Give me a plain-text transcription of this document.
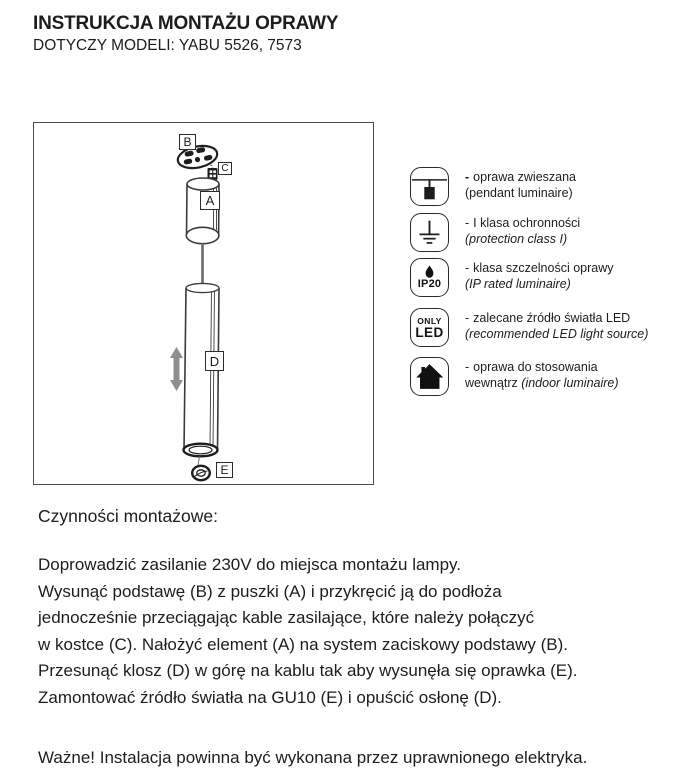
INSTRUKCJA MONTAŻU OPRAWY
DOTYCZY MODELI: YABU 5526, 7573
B
C
A
D
E
- oprawa zwieszana
(pendant luminaire)
- I klasa ochronności
(protection class I)
IP20
- klasa szczelności oprawy
(IP rated luminaire)
ONLY
LED
- zalecane źródło światła LED
(recommended LED light source)
- oprawa do stosowania
wewnątrz (indoor luminaire)
Czynności montażowe:
Doprowadzić zasilanie 230V do miejsca montażu lampy.
Wysunąć podstawę (B) z puszki (A) i przykręcić ją do podłoża
jednocześnie przeciągając kable zasilające, które należy połączyć
w kostce (C). Nałożyć element (A) na system zaciskowy podstawy (B).
Przesunąć klosz (D) w górę na kablu tak aby wysunęła się oprawka (E).
Zamontować źródło światła na GU10 (E) i opuścić osłonę (D).
Ważne! Instalacja powinna być wykonana przez uprawnionego elektryka.
